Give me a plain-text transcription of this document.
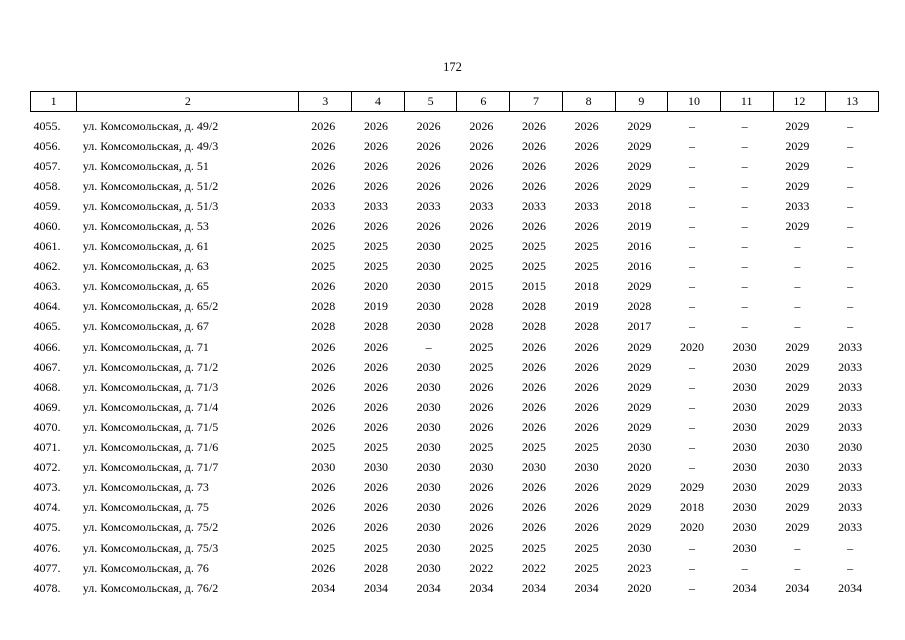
172
1	2	3	4	5	6	7	8	9	10	11	12	13
4055.	ул. Комсомольская, д. 49/2	2026	2026	2026	2026	2026	2026	2029	–	–	2029	–
4056.	ул. Комсомольская, д. 49/3	2026	2026	2026	2026	2026	2026	2029	–	–	2029	–
4057.	ул. Комсомольская, д. 51	2026	2026	2026	2026	2026	2026	2029	–	–	2029	–
4058.	ул. Комсомольская, д. 51/2	2026	2026	2026	2026	2026	2026	2029	–	–	2029	–
4059.	ул. Комсомольская, д. 51/3	2033	2033	2033	2033	2033	2033	2018	–	–	2033	–
4060.	ул. Комсомольская, д. 53	2026	2026	2026	2026	2026	2026	2019	–	–	2029	–
4061.	ул. Комсомольская, д. 61	2025	2025	2030	2025	2025	2025	2016	–	–	–	–
4062.	ул. Комсомольская, д. 63	2025	2025	2030	2025	2025	2025	2016	–	–	–	–
4063.	ул. Комсомольская, д. 65	2026	2020	2030	2015	2015	2018	2029	–	–	–	–
4064.	ул. Комсомольская, д. 65/2	2028	2019	2030	2028	2028	2019	2028	–	–	–	–
4065.	ул. Комсомольская, д. 67	2028	2028	2030	2028	2028	2028	2017	–	–	–	–
4066.	ул. Комсомольская, д. 71	2026	2026	–	2025	2026	2026	2029	2020	2030	2029	2033
4067.	ул. Комсомольская, д. 71/2	2026	2026	2030	2025	2026	2026	2029	–	2030	2029	2033
4068.	ул. Комсомольская, д. 71/3	2026	2026	2030	2026	2026	2026	2029	–	2030	2029	2033
4069.	ул. Комсомольская, д. 71/4	2026	2026	2030	2026	2026	2026	2029	–	2030	2029	2033
4070.	ул. Комсомольская, д. 71/5	2026	2026	2030	2026	2026	2026	2029	–	2030	2029	2033
4071.	ул. Комсомольская, д. 71/6	2025	2025	2030	2025	2025	2025	2030	–	2030	2030	2030
4072.	ул. Комсомольская, д. 71/7	2030	2030	2030	2030	2030	2030	2020	–	2030	2030	2033
4073.	ул. Комсомольская, д. 73	2026	2026	2030	2026	2026	2026	2029	2029	2030	2029	2033
4074.	ул. Комсомольская, д. 75	2026	2026	2030	2026	2026	2026	2029	2018	2030	2029	2033
4075.	ул. Комсомольская, д. 75/2	2026	2026	2030	2026	2026	2026	2029	2020	2030	2029	2033
4076.	ул. Комсомольская, д. 75/3	2025	2025	2030	2025	2025	2025	2030	–	2030	–	–
4077.	ул. Комсомольская, д. 76	2026	2028	2030	2022	2022	2025	2023	–	–	–	–
4078.	ул. Комсомольская, д. 76/2	2034	2034	2034	2034	2034	2034	2020	–	2034	2034	2034
